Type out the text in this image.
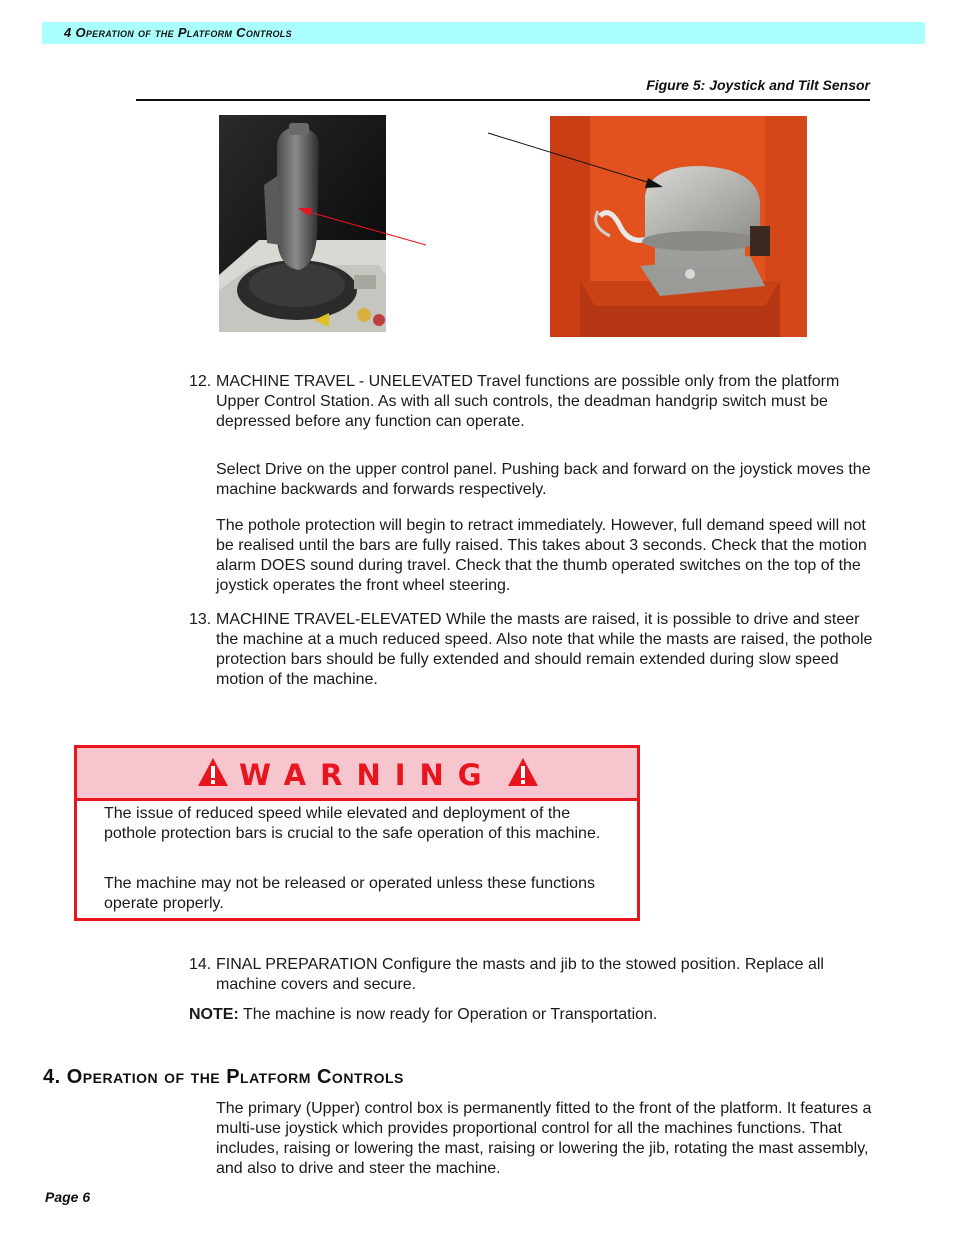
4 Operation of the Platform Controls
Figure 5: Joystick and Tilt Sensor
12. MACHINE TRAVEL - UNELEVATED Travel functions are possible only from the platform Upper Control Station. As with all such controls, the deadman handgrip switch must be depressed before any function can operate.
Select Drive on the upper control panel. Pushing back and forward on the joystick moves the machine backwards and forwards respectively.
The pothole protection will begin to retract immediately. However, full demand speed will not be realised until the bars are fully raised. This takes about 3 seconds. Check that the motion alarm DOES sound during travel. Check that the thumb operated switches on the top of the joystick operates the front wheel steering.
13. MACHINE TRAVEL-ELEVATED While the masts are raised, it is possible to drive and steer the machine at a much reduced speed. Also note that while the masts are raised, the pothole protection bars should be fully extended and should remain extended during slow speed motion of the machine.
WARNING
The issue of reduced speed while elevated and deployment of the pothole protection bars is crucial to the safe operation of this machine.
The machine may not be released or operated unless these functions operate properly.
14. FINAL PREPARATION Configure the masts and jib to the stowed position. Replace all machine covers and secure.
NOTE: The machine is now ready for Operation or Transportation.
4. Operation of the Platform Controls
The primary (Upper) control box is permanently fitted to the front of the platform. It features a multi-use joystick which provides proportional control for all the machines functions. That includes, raising or lowering the mast, raising or lowering the jib, rotating the mast assembly, and also to drive and steer the machine.
Page 6
